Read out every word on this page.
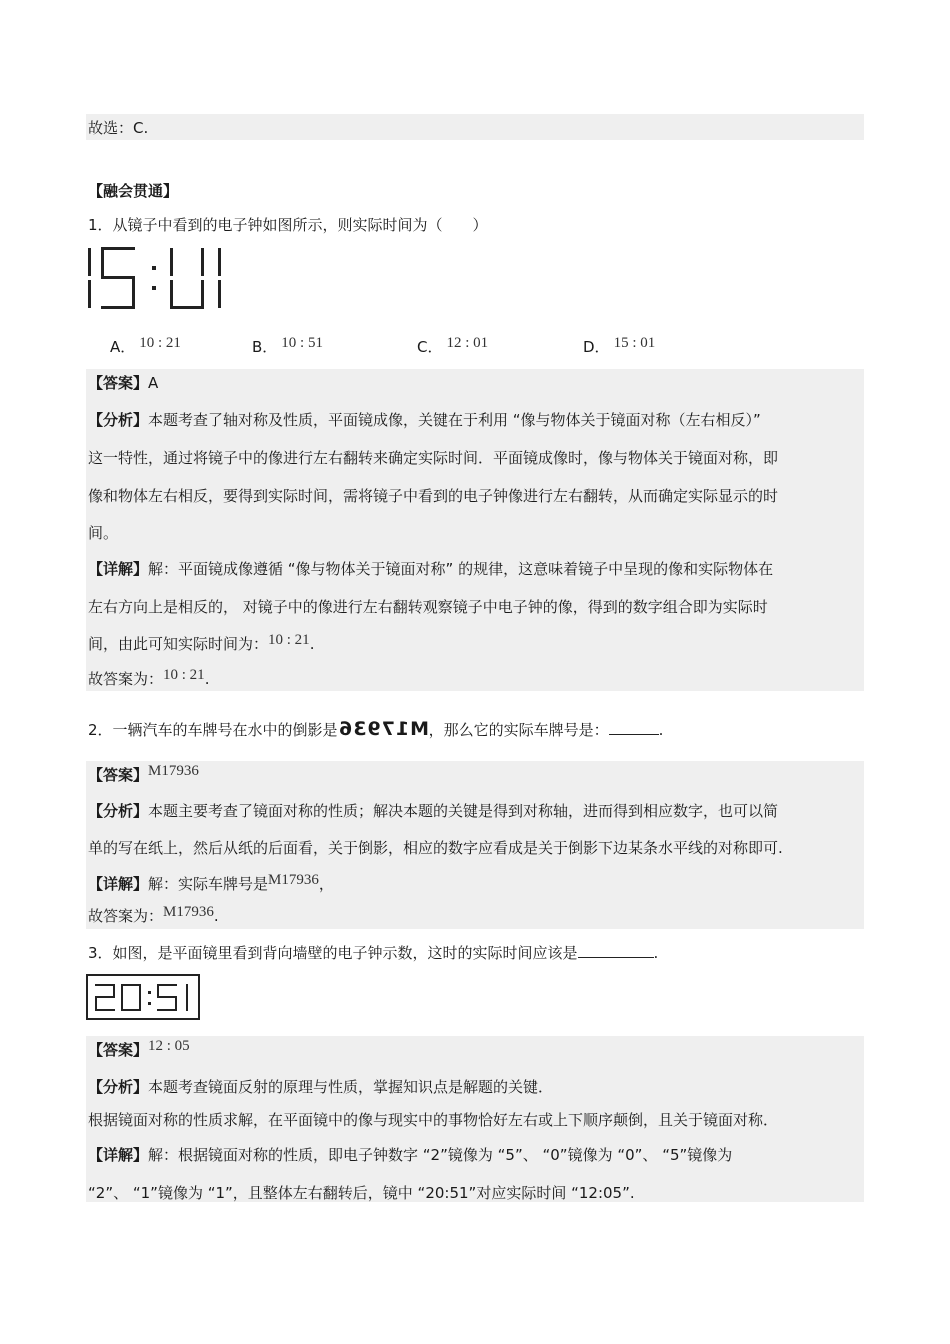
故选：C.
【融会贯通】
1．从镜子中看到的电子钟如图所示，则实际时间为（　　）
A． 10 : 21	B． 10 : 51	C． 12 : 01	D． 15 : 01
【答案】A
【分析】本题考查了轴对称及性质，平面镜成像，关键在于利用 “像与物体关于镜面对称（左右相反）”
这一特性，通过将镜子中的像进行左右翻转来确定实际时间．平面镜成像时，像与物体关于镜面对称，即
像和物体左右相反，要得到实际时间，需将镜子中看到的电子钟像进行左右翻转，从而确定实际显示的时
间。
【详解】解：平面镜成像遵循 “像与物体关于镜面对称” 的规律，这意味着镜子中呈现的像和实际物体在
左右方向上是相反的， 对镜子中的像进行左右翻转观察镜子中电子钟的像，得到的数字组合即为实际时
间，由此可知实际时间为：10 : 21.
故答案为：10 : 21.
2．一辆汽车的车牌号在水中的倒影是M17936，那么它的实际车牌号是：	.
【答案】M17936
【分析】本题主要考查了镜面对称的性质；解决本题的关键是得到对称轴，进而得到相应数字，也可以简
单的写在纸上，然后从纸的后面看，关于倒影，相应的数字应看成是关于倒影下边某条水平线的对称即可.
【详解】解：实际车牌号是M17936，
故答案为：M17936.
3．如图，是平面镜里看到背向墙壁的电子钟示数，这时的实际时间应该是	.
【答案】12 : 05
【分析】本题考查镜面反射的原理与性质，掌握知识点是解题的关键．
根据镜面对称的性质求解，在平面镜中的像与现实中的事物恰好左右或上下顺序颠倒，且关于镜面对称．
【详解】解：根据镜面对称的性质，即电子钟数字 “2”镜像为 “5”、 “0”镜像为 “0”、 “5”镜像为
“2”、 “1”镜像为 “1”，且整体左右翻转后，镜中 “20:51”对应实际时间 “12:05”.
